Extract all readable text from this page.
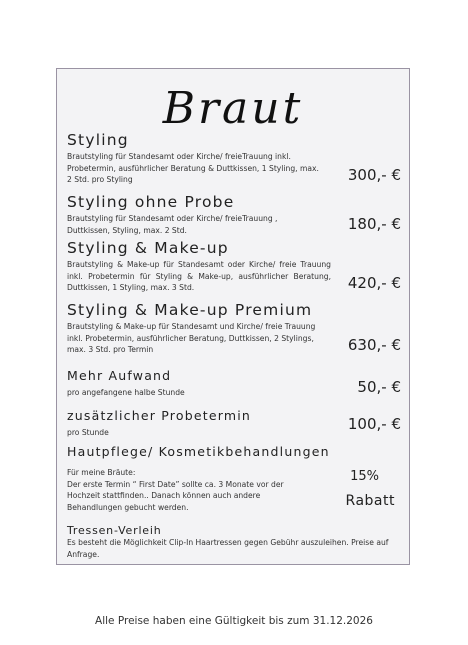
Braut
Styling
Brautstyling für Standesamt oder Kirche/ freieTrauung inkl. Probetermin, ausführlicher Beratung & Duttkissen, 1 Styling, max. 2 Std. pro Styling	300,- €
Styling ohne Probe
Brautstyling für Standesamt oder Kirche/ freieTrauung , Duttkissen, Styling, max. 2 Std.	180,- €
Styling & Make-up
Brautstyling & Make-up für Standesamt oder Kirche/ freie Trauung inkl. Probetermin für Styling & Make-up, ausführlicher Beratung, Duttkissen, 1 Styling, max. 3 Std.	420,- €
Styling & Make-up Premium
Brautstyling & Make-up für Standesamt und Kirche/ freie Trauung inkl. Probetermin, ausführlicher Beratung, Duttkissen, 2 Stylings, max. 3 Std. pro Termin	630,- €
Mehr Aufwand
pro angefangene halbe Stunde	50,- €
zusätzlicher Probetermin
pro Stunde	100,- €
Hautpflege/ Kosmetikbehandlungen
Für meine Bräute:
Der erste Termin “ First Date” sollte ca. 3 Monate vor der Hochzeit stattfinden.. Danach können auch andere Behandlungen gebucht werden.
15%
Rabatt
Tressen-Verleih
Es besteht die Möglichkeit Clip-In Haartressen gegen Gebühr auszuleihen. Preise auf Anfrage.
Alle Preise haben eine Gültigkeit bis zum 31.12.2026
